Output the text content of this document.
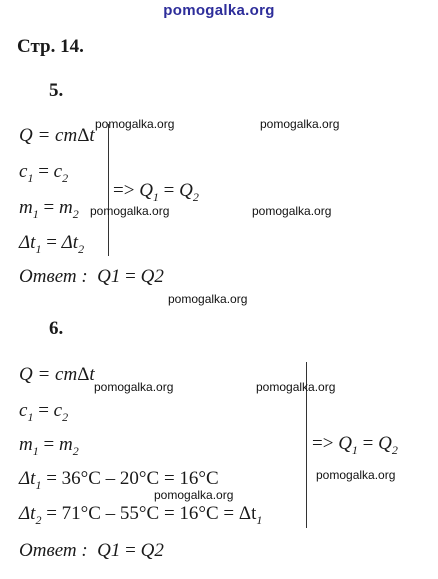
pomogalka.org
Стр. 14.
5.
Q = cmΔt
$c_1 = c_2$
$m_1 = m_2$
$\Delta t_1 = \Delta t_2$
=> $Q_1 = Q_2$
Ответ : Q1 = Q2
6.
Q = cmΔt
$c_1 = c_2$
$m_1 = m_2$
$\Delta t_1 = 36^\circ C - 20^\circ C = 16^\circ C$
$\Delta t_2 = 71^\circ C - 55^\circ C = 16^\circ C = \Delta t_1$
=> $Q_1 = Q_2$
Ответ : Q1 = Q2
pomogalka.org	pomogalka.org
pomogalka.org	pomogalka.org
pomogalka.org
pomogalka.org	pomogalka.org
pomogalka.org
pomogalka.org
